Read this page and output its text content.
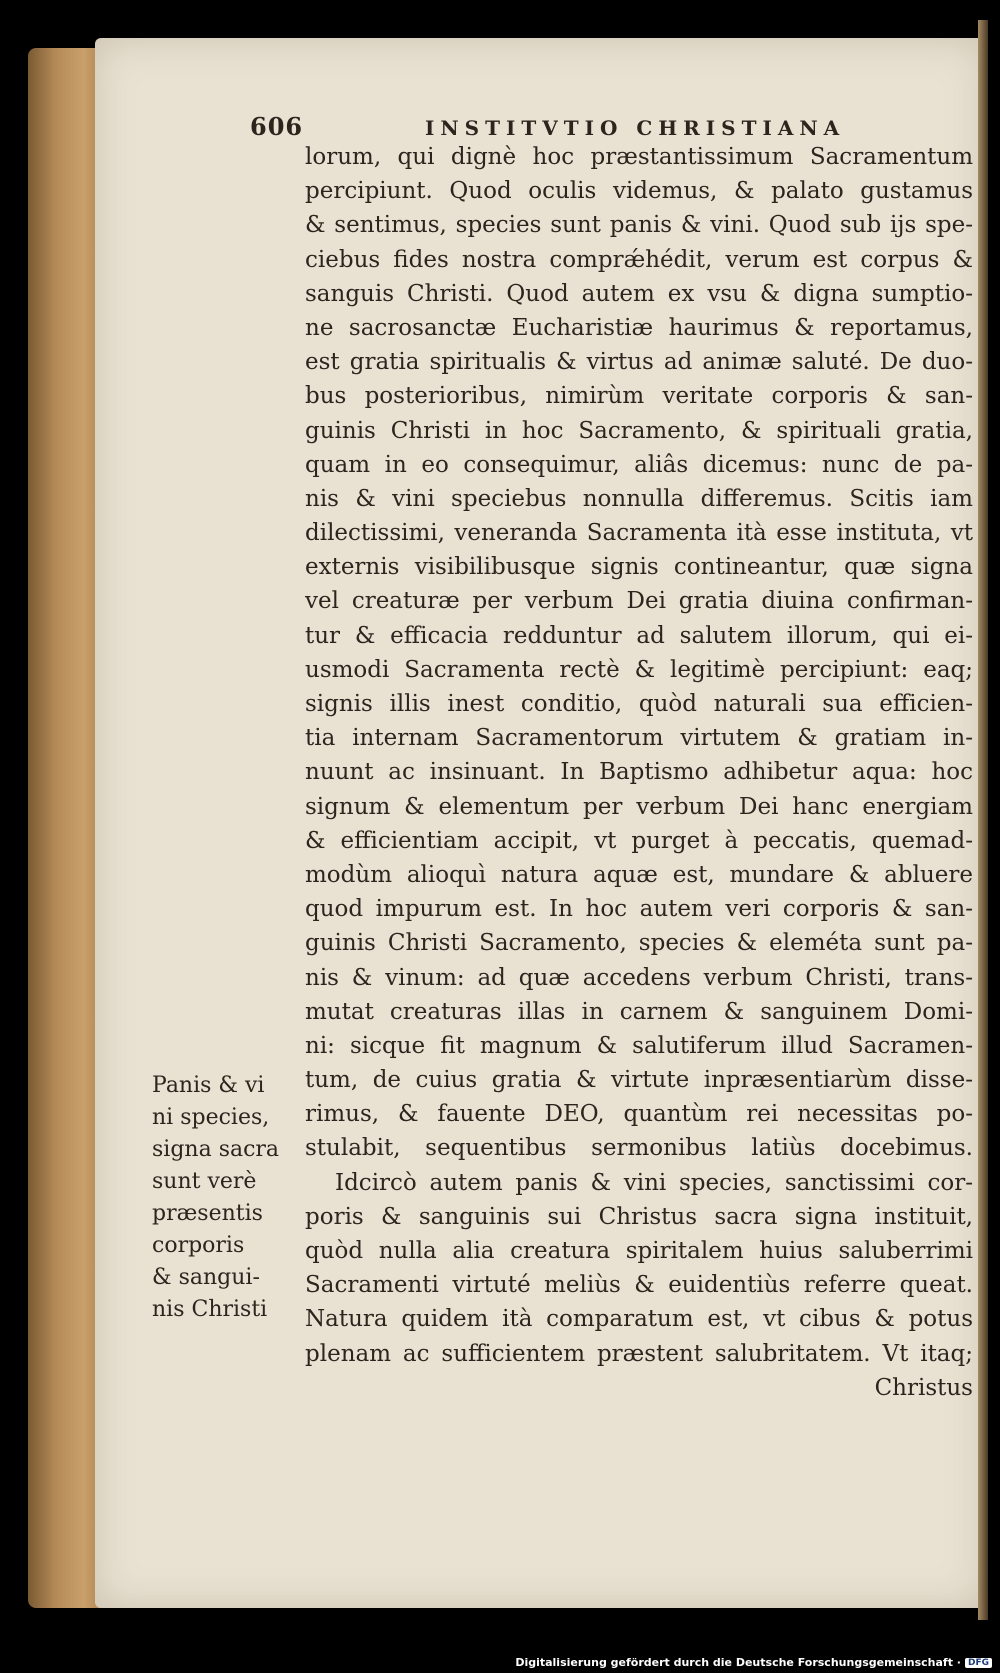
606	INSTITVTIO CHRISTIANA
lorum, qui dignè hoc præstantissimum Sacramentum
percipiunt. Quod oculis videmus, & palato gustamus
& sentimus, species sunt panis & vini. Quod sub ijs spe-
ciebus fides nostra comprǽhédit, verum est corpus &
sanguis Christi. Quod autem ex vsu & digna sumptio-
ne sacrosanctæ Eucharistiæ haurimus & reportamus,
est gratia spiritualis & virtus ad animæ saluté. De duo-
bus posterioribus, nimirùm veritate corporis & san-
guinis Christi in hoc Sacramento, & spirituali gratia,
quam in eo consequimur, aliâs dicemus: nunc de pa-
nis & vini speciebus nonnulla differemus. Scitis iam
dilectissimi, veneranda Sacramenta ità esse instituta, vt
externis visibilibusque signis contineantur, quæ signa
vel creaturæ per verbum Dei gratia diuina confirman-
tur & efficacia redduntur ad salutem illorum, qui ei-
usmodi Sacramenta rectè & legitimè percipiunt: eaq;
signis illis inest conditio, quòd naturali sua efficien-
tia internam Sacramentorum virtutem & gratiam in-
nuunt ac insinuant. In Baptismo adhibetur aqua: hoc
signum & elementum per verbum Dei hanc energiam
& efficientiam accipit, vt purget à peccatis, quemad-
modùm alioquì natura aquæ est, mundare & abluere
quod impurum est. In hoc autem veri corporis & san-
guinis Christi Sacramento, species & eleméta sunt pa-
nis & vinum: ad quæ accedens verbum Christi, trans-
mutat creaturas illas in carnem & sanguinem Domi-
ni: sicque fit magnum & salutiferum illud Sacramen-
tum, de cuius gratia & virtute inpræsentiarùm disse-
rimus, & fauente DEO, quantùm rei necessitas po-
stulabit, sequentibus sermonibus latiùs docebimus.
Idcircò autem panis & vini species, sanctissimi cor-
poris & sanguinis sui Christus sacra signa instituit,
quòd nulla alia creatura spiritalem huius saluberrimi
Sacramenti virtuté meliùs & euidentiùs referre queat.
Natura quidem ità comparatum est, vt cibus & potus
plenam ac sufficientem præstent salubritatem. Vt itaq;
Christus
Panis & vi
ni species,
signa sacra
sunt verè
præsentis
corporis
& sangui-
nis Christi
Digitalisierung gefördert durch die Deutsche Forschungsgemeinschaft · DFG
